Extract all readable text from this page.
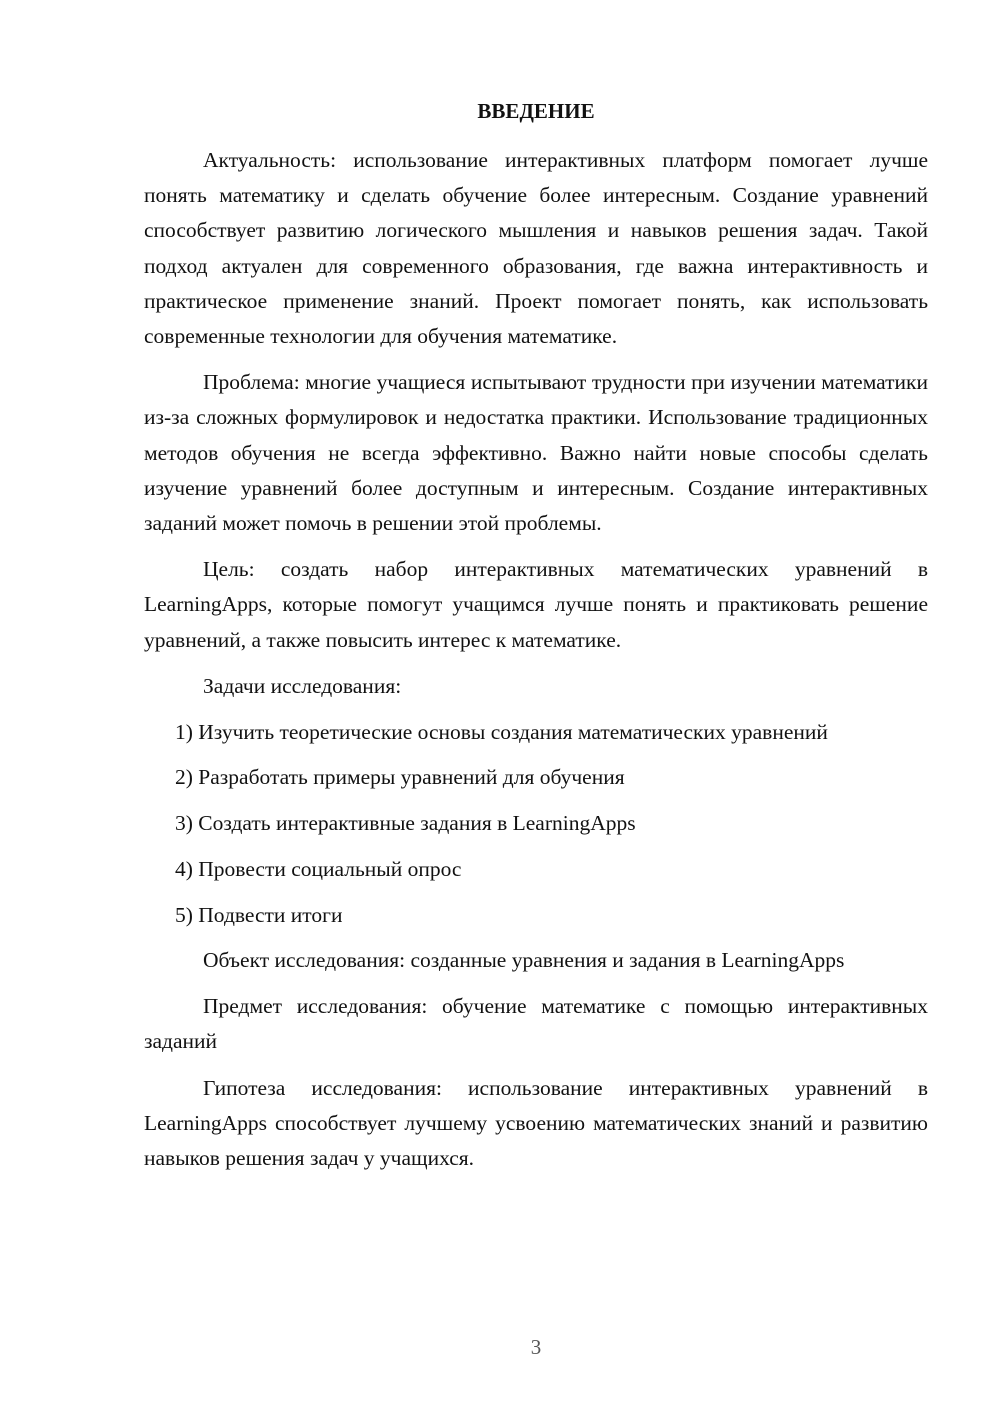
ВВЕДЕНИЕ

Актуальность: использование интерактивных платформ помогает лучше понять математику и сделать обучение более интересным. Создание уравнений способствует развитию логического мышления и навыков решения задач. Такой подход актуален для современного образования, где важна интерактивность и практическое применение знаний. Проект помогает понять, как использовать современные технологии для обучения математике.

Проблема: многие учащиеся испытывают трудности при изучении математики из-за сложных формулировок и недостатка практики. Использование традиционных методов обучения не всегда эффективно. Важно найти новые способы сделать изучение уравнений более доступным и интересным. Создание интерактивных заданий может помочь в решении этой проблемы.

Цель: создать набор интерактивных математических уравнений в LearningApps, которые помогут учащимся лучше понять и практиковать решение уравнений, а также повысить интерес к математике.

Задачи исследования:

1) Изучить теоретические основы создания математических уравнений

2) Разработать примеры уравнений для обучения

3) Создать интерактивные задания в LearningApps

4) Провести социальный опрос

5) Подвести итоги

Объект исследования: созданные уравнения и задания в LearningApps

Предмет исследования: обучение математике с помощью интерактивных заданий

Гипотеза исследования: использование интерактивных уравнений в LearningApps способствует лучшему усвоению математических знаний и развитию навыков решения задач у учащихся.

3
